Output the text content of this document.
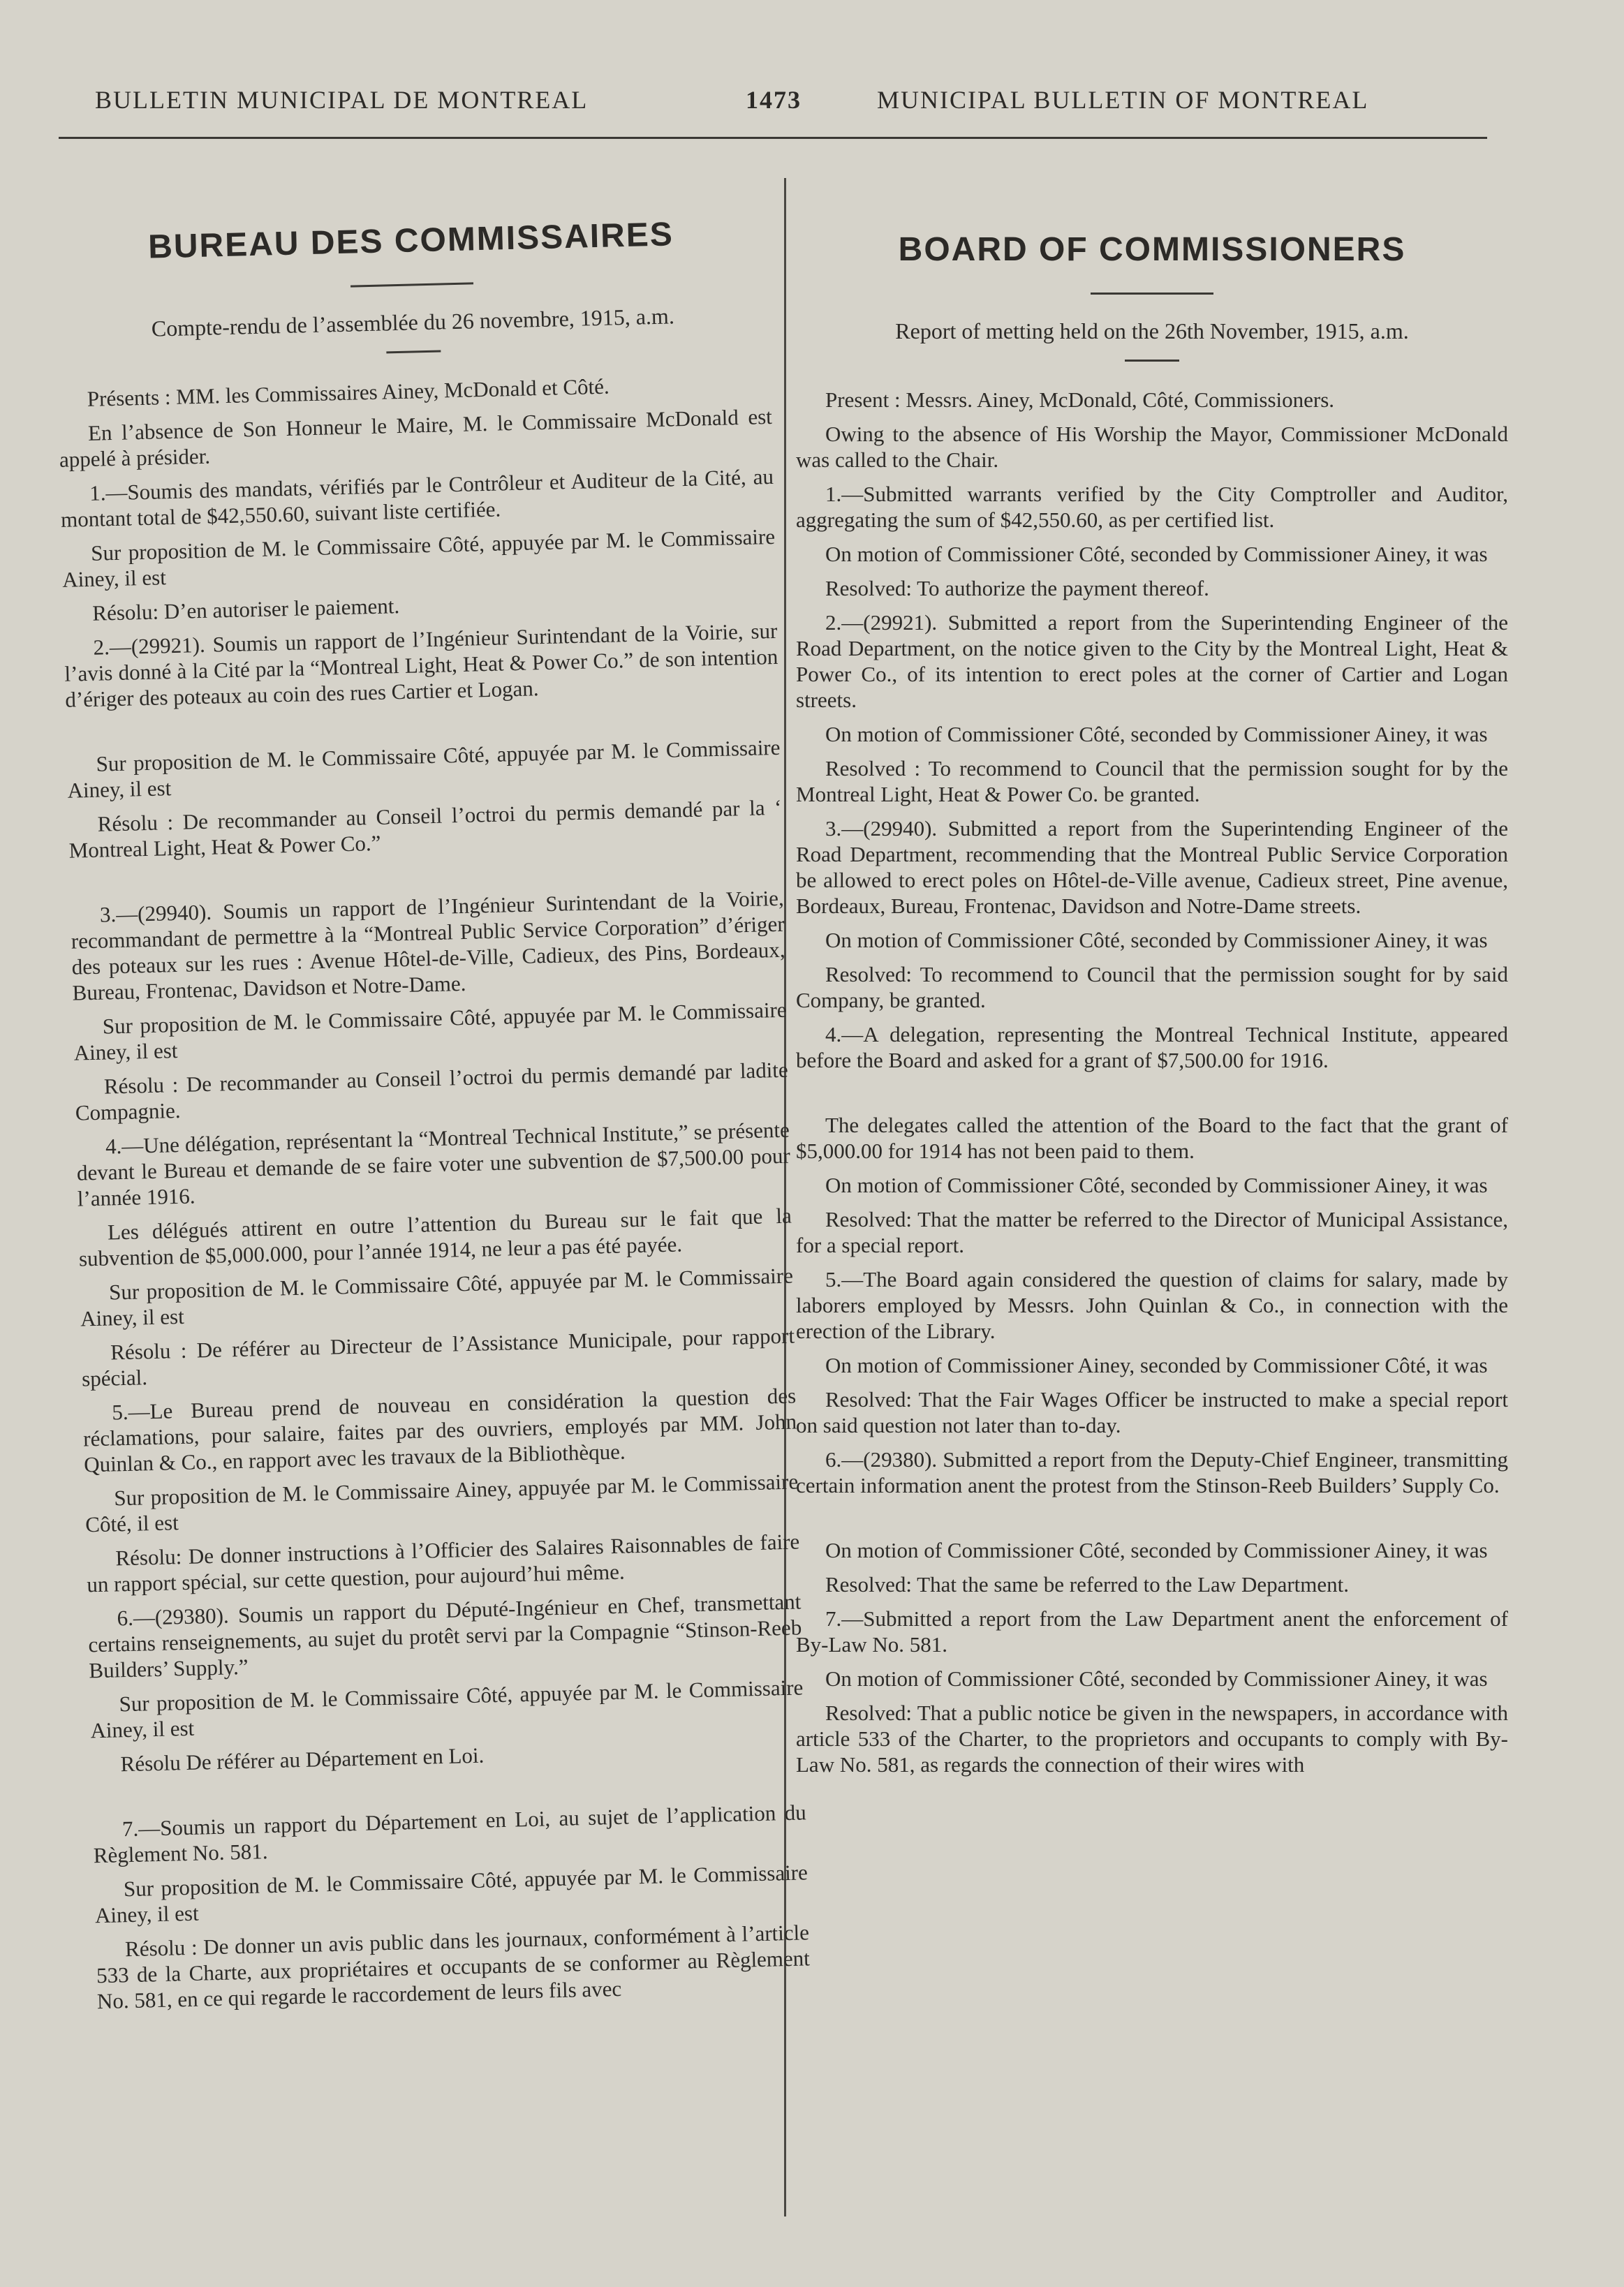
BULLETIN MUNICIPAL DE MONTREAL	1473	MUNICIPAL BULLETIN OF MONTREAL
BUREAU DES COMMISSAIRES

Compte-rendu de l’assemblée du 26 novembre, 1915, a.m.

Présents : MM. les Commissaires Ainey, McDonald et Côté.

En l’absence de Son Honneur le Maire, M. le Commissaire McDonald est appelé à présider.

1.—Soumis des mandats, vérifiés par le Contrôleur et Auditeur de la Cité, au montant total de $42,550.60, suivant liste certifiée.

Sur proposition de M. le Commissaire Côté, appuyée par M. le Commissaire Ainey, il est

Résolu: D’en autoriser le paiement.

2.—(29921). Soumis un rapport de l’Ingénieur Surintendant de la Voirie, sur l’avis donné à la Cité par la “Montreal Light, Heat & Power Co.” de son intention d’ériger des poteaux au coin des rues Cartier et Logan.

Sur proposition de M. le Commissaire Côté, appuyée par M. le Commissaire Ainey, il est

Résolu : De recommander au Conseil l’octroi du permis demandé par la ‘ Montreal Light, Heat & Power Co.”

3.—(29940). Soumis un rapport de l’Ingénieur Surintendant de la Voirie, recommandant de permettre à la “Montreal Public Service Corporation” d’ériger des poteaux sur les rues : Avenue Hôtel-de-Ville, Cadieux, des Pins, Bordeaux, Bureau, Frontenac, Davidson et Notre-Dame.

Sur proposition de M. le Commissaire Côté, appuyée par M. le Commissaire Ainey, il est

Résolu : De recommander au Conseil l’octroi du permis demandé par ladite Compagnie.

4.—Une délégation, représentant la “Montreal Technical Institute,” se présente devant le Bureau et demande de se faire voter une subvention de $7,500.00 pour l’année 1916.

Les délégués attirent en outre l’attention du Bureau sur le fait que la subvention de $5,000.000, pour l’année 1914, ne leur a pas été payée.

Sur proposition de M. le Commissaire Côté, appuyée par M. le Commissaire Ainey, il est

Résolu : De référer au Directeur de l’Assistance Municipale, pour rapport spécial.

5.—Le Bureau prend de nouveau en considération la question des réclamations, pour salaire, faites par des ouvriers, employés par MM. John Quinlan & Co., en rapport avec les travaux de la Bibliothèque.

Sur proposition de M. le Commissaire Ainey, appuyée par M. le Commissaire Côté, il est

Résolu: De donner instructions à l’Officier des Salaires Raisonnables de faire un rapport spécial, sur cette question, pour aujourd’hui même.

6.—(29380). Soumis un rapport du Député-Ingénieur en Chef, transmettant certains renseignements, au sujet du protêt servi par la Compagnie “Stinson-Reeb Builders’ Supply.”

Sur proposition de M. le Commissaire Côté, appuyée par M. le Commissaire Ainey, il est

Résolu De référer au Département en Loi.

7.—Soumis un rapport du Département en Loi, au sujet de l’application du Règlement No. 581.

Sur proposition de M. le Commissaire Côté, appuyée par M. le Commissaire Ainey, il est

Résolu : De donner un avis public dans les journaux, conformément à l’article 533 de la Charte, aux propriétaires et occupants de se conformer au Règlement No. 581, en ce qui regarde le raccordement de leurs fils avec

BOARD OF COMMISSIONERS

Report of metting held on the 26th November, 1915, a.m.

Present : Messrs. Ainey, McDonald, Côté, Commissioners.

Owing to the absence of His Worship the Mayor, Commissioner McDonald was called to the Chair.

1.—Submitted warrants verified by the City Comptroller and Auditor, aggregating the sum of $42,550.60, as per certified list.

On motion of Commissioner Côté, seconded by Commissioner Ainey, it was

Resolved: To authorize the payment thereof.

2.—(29921). Submitted a report from the Superintending Engineer of the Road Department, on the notice given to the City by the Montreal Light, Heat & Power Co., of its intention to erect poles at the corner of Cartier and Logan streets.

On motion of Commissioner Côté, seconded by Commissioner Ainey, it was

Resolved : To recommend to Council that the permission sought for by the Montreal Light, Heat & Power Co. be granted.

3.—(29940). Submitted a report from the Superintending Engineer of the Road Department, recommending that the Montreal Public Service Corporation be allowed to erect poles on Hôtel-de-Ville avenue, Cadieux street, Pine avenue, Bordeaux, Bureau, Frontenac, Davidson and Notre-Dame streets.

On motion of Commissioner Côté, seconded by Commissioner Ainey, it was

Resolved: To recommend to Council that the permission sought for by said Company, be granted.

4.—A delegation, representing the Montreal Technical Institute, appeared before the Board and asked for a grant of $7,500.00 for 1916.

The delegates called the attention of the Board to the fact that the grant of $5,000.00 for 1914 has not been paid to them.

On motion of Commissioner Côté, seconded by Commissioner Ainey, it was

Resolved: That the matter be referred to the Director of Municipal Assistance, for a special report.

5.—The Board again considered the question of claims for salary, made by laborers employed by Messrs. John Quinlan & Co., in connection with the erection of the Library.

On motion of Commissioner Ainey, seconded by Commissioner Côté, it was

Resolved: That the Fair Wages Officer be instructed to make a special report on said question not later than to-day.

6.—(29380). Submitted a report from the Deputy-Chief Engineer, transmitting certain information anent the protest from the Stinson-Reeb Builders’ Supply Co.

On motion of Commissioner Côté, seconded by Commissioner Ainey, it was

Resolved: That the same be referred to the Law Department.

7.—Submitted a report from the Law Department anent the enforcement of By-Law No. 581.

On motion of Commissioner Côté, seconded by Commissioner Ainey, it was

Resolved: That a public notice be given in the newspapers, in accordance with article 533 of the Charter, to the proprietors and occupants to comply with By-Law No. 581, as regards the connection of their wires with
